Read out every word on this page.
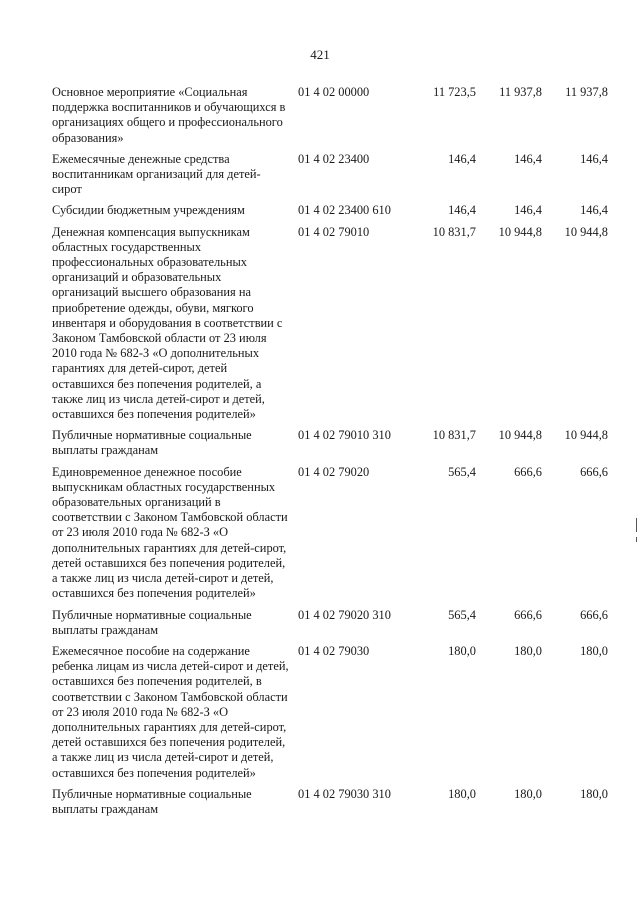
421
Основное мероприятие «Социальная поддержка воспитанников и обучающихся в организациях общего и профессионального образования»	01 4 02 00000	11 723,5	11 937,8	11 937,8
Ежемесячные денежные средства воспитанникам организаций для детей-сирот	01 4 02 23400	146,4	146,4	146,4
Субсидии бюджетным учреждениям	01 4 02 23400 610	146,4	146,4	146,4
Денежная компенсация выпускникам областных государственных профессиональных образовательных организаций и образовательных организаций высшего образования на приобретение одежды, обуви, мягкого инвентаря и оборудования в соответствии с Законом Тамбовской области от 23 июля 2010 года № 682-З «О дополнительных гарантиях для детей-сирот, детей оставшихся без попечения родителей, а также лиц из числа детей-сирот и детей, оставшихся без попечения родителей»	01 4 02 79010	10 831,7	10 944,8	10 944,8
Публичные нормативные социальные выплаты гражданам	01 4 02 79010 310	10 831,7	10 944,8	10 944,8
Единовременное денежное пособие выпускникам областных государственных образовательных организаций в соответствии с Законом Тамбовской области от 23 июля 2010 года № 682-З «О дополнительных гарантиях для детей-сирот, детей оставшихся без попечения родителей, а также лиц из числа детей-сирот и детей, оставшихся без попечения родителей»	01 4 02 79020	565,4	666,6	666,6
Публичные нормативные социальные выплаты гражданам	01 4 02 79020 310	565,4	666,6	666,6
Ежемесячное пособие на содержание ребенка лицам из числа детей-сирот и детей, оставшихся без попечения родителей, в соответствии с Законом Тамбовской области от 23 июля 2010 года № 682-З «О дополнительных гарантиях для детей-сирот, детей оставшихся без попечения родителей, а также лиц из числа детей-сирот и детей, оставшихся без попечения родителей»	01 4 02 79030	180,0	180,0	180,0
Публичные нормативные социальные выплаты гражданам	01 4 02 79030 310	180,0	180,0	180,0
